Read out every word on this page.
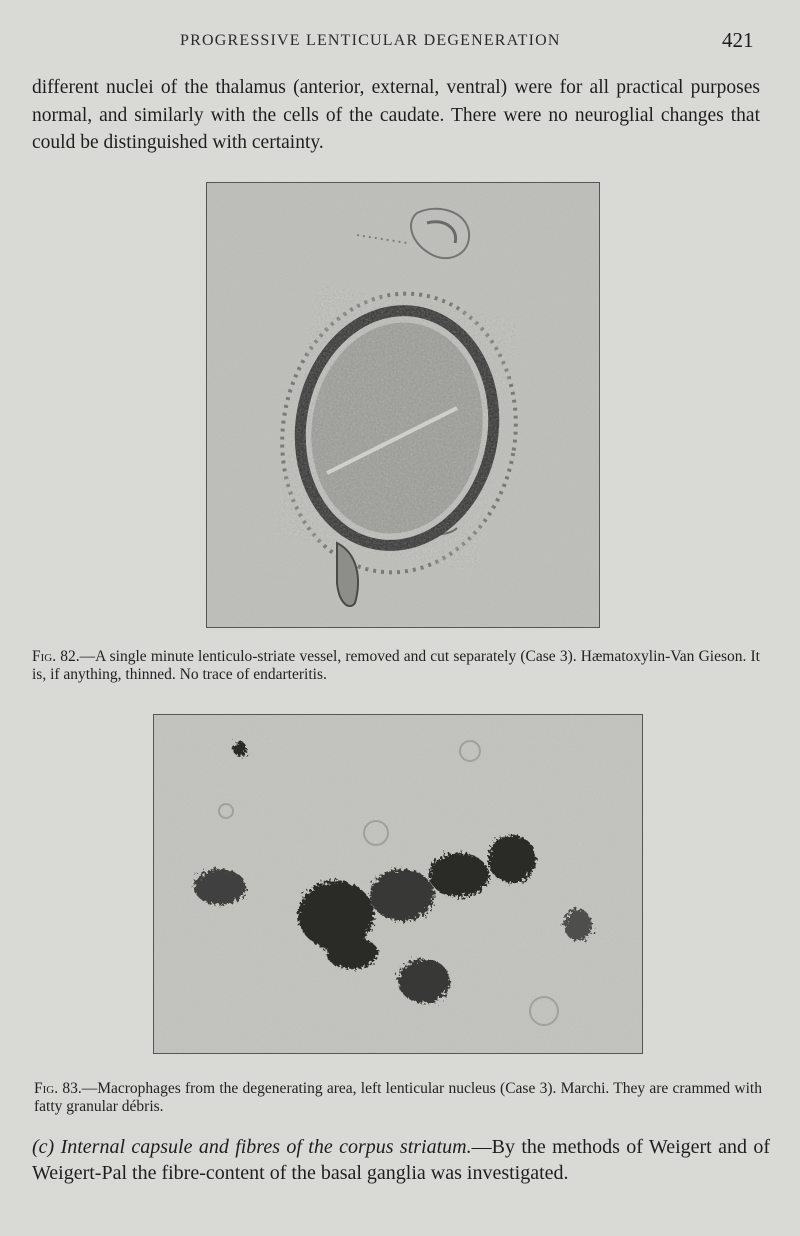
PROGRESSIVE LENTICULAR DEGENERATION	421

different nuclei of the thalamus (anterior, external, ventral) were for all practical purposes normal, and similarly with the cells of the caudate. There were no neuroglial changes that could be distinguished with certainty.

Fig. 82.—A single minute lenticulo-striate vessel, removed and cut separately (Case 3). Hæmatoxylin-Van Gieson. It is, if anything, thinned. No trace of endarteritis.
Fig. 83.—Macrophages from the degenerating area, left lenticular nucleus (Case 3). Marchi. They are crammed with fatty granular débris.

(c) Internal capsule and fibres of the corpus striatum.—By the methods of Weigert and of Weigert-Pal the fibre-content of the basal ganglia was investigated.
